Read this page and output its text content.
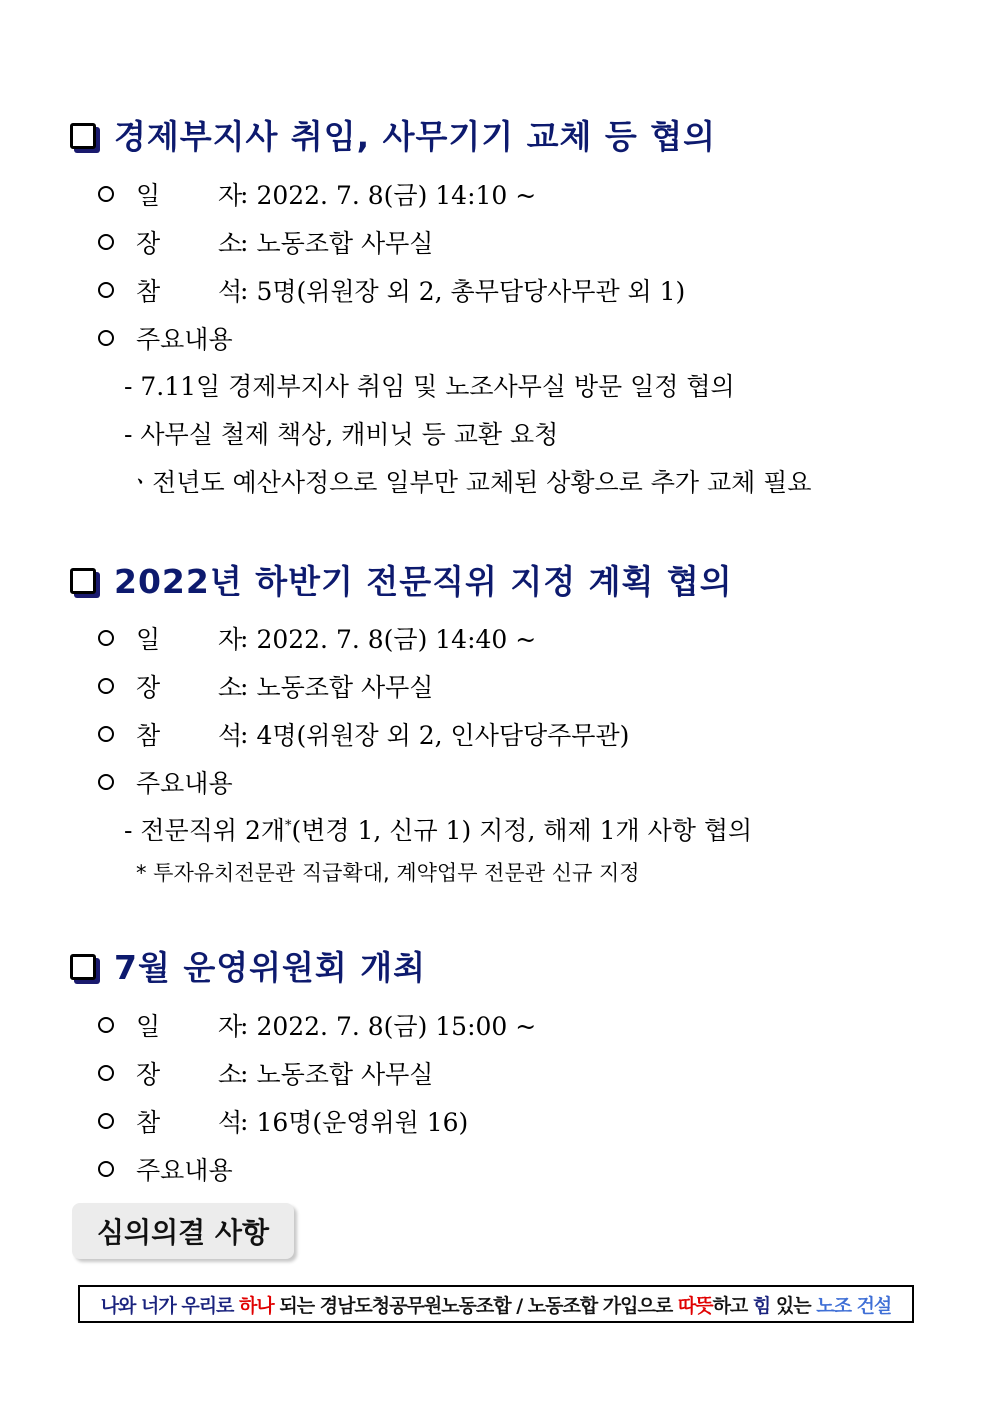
경제부지사 취임, 사무기기 교체 등 협의
일 자
: 2022. 7. 8(금) 14:10 ~
장 소
: 노동조합 사무실
참 석
: 5명(위원장 외 2, 총무담당사무관 외 1)
주요내용
- 7.11일 경제부지사 취임 및 노조사무실 방문 일정 협의
- 사무실 철제 책상, 캐비닛 등 교환 요청
ㆍ전년도 예산사정으로 일부만 교체된 상황으로 추가 교체 필요
2022년 하반기 전문직위 지정 계획 협의
일 자
: 2022. 7. 8(금) 14:40 ~
장 소
: 노동조합 사무실
참 석
: 4명(위원장 외 2, 인사담당주무관)
주요내용
- 전문직위 2개*(변경 1, 신규 1) 지정, 해제 1개 사항 협의
* 투자유치전문관 직급확대, 계약업무 전문관 신규 지정
7월 운영위원회 개최
일 자
: 2022. 7. 8(금) 15:00 ~
장 소
: 노동조합 사무실
참 석
: 16명(운영위원 16)
주요내용
심의의결 사항
나와 너가 우리로
하나
되는 경남도청공무원노동조합 / 노동조합 가입으로
따뜻 하고
힘
있는
노조 건설
